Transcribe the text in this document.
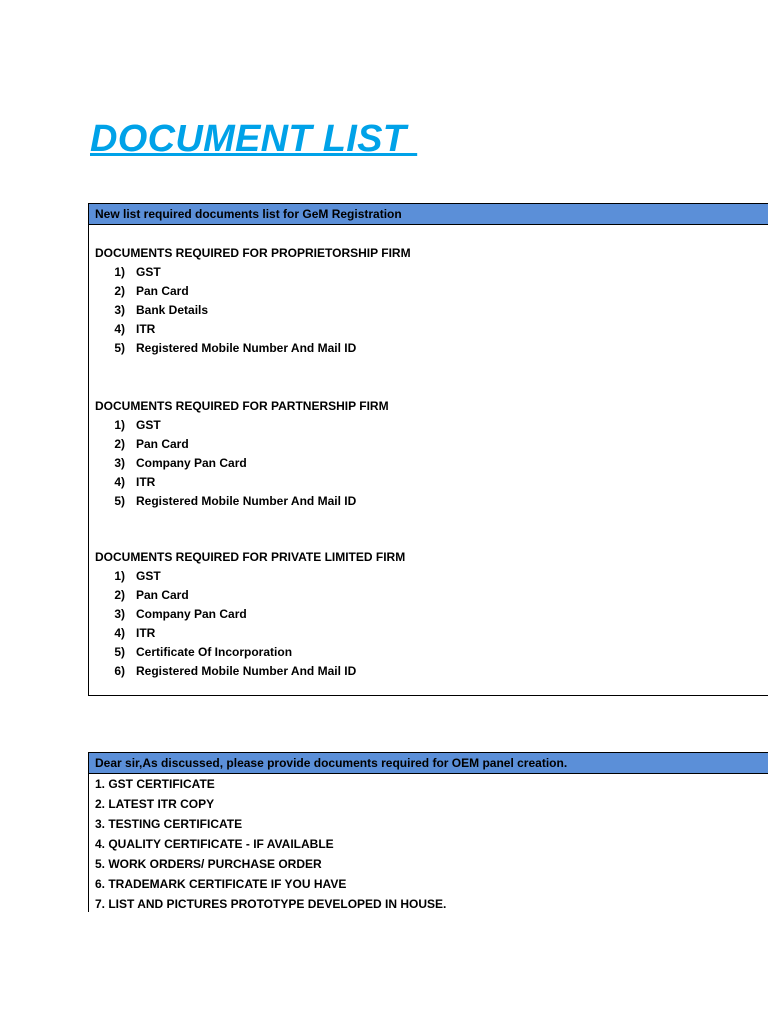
DOCUMENT LIST
New list required documents list for GeM Registration
DOCUMENTS REQUIRED FOR PROPRIETORSHIP FIRM
1) GST
2) Pan Card
3) Bank Details
4) ITR
5) Registered Mobile Number And Mail ID
DOCUMENTS REQUIRED FOR PARTNERSHIP FIRM
1) GST
2) Pan Card
3) Company Pan Card
4) ITR
5) Registered Mobile Number And Mail ID
DOCUMENTS REQUIRED FOR PRIVATE LIMITED FIRM
1) GST
2) Pan Card
3) Company Pan Card
4) ITR
5) Certificate Of Incorporation
6) Registered Mobile Number And Mail ID
Dear sir,As discussed, please provide documents required for OEM panel creation.
1. GST CERTIFICATE
2. LATEST ITR COPY
3. TESTING CERTIFICATE
4. QUALITY CERTIFICATE - IF AVAILABLE
5. WORK ORDERS/ PURCHASE ORDER
6. TRADEMARK CERTIFICATE IF YOU HAVE
7. LIST AND PICTURES PROTOTYPE DEVELOPED IN HOUSE.
